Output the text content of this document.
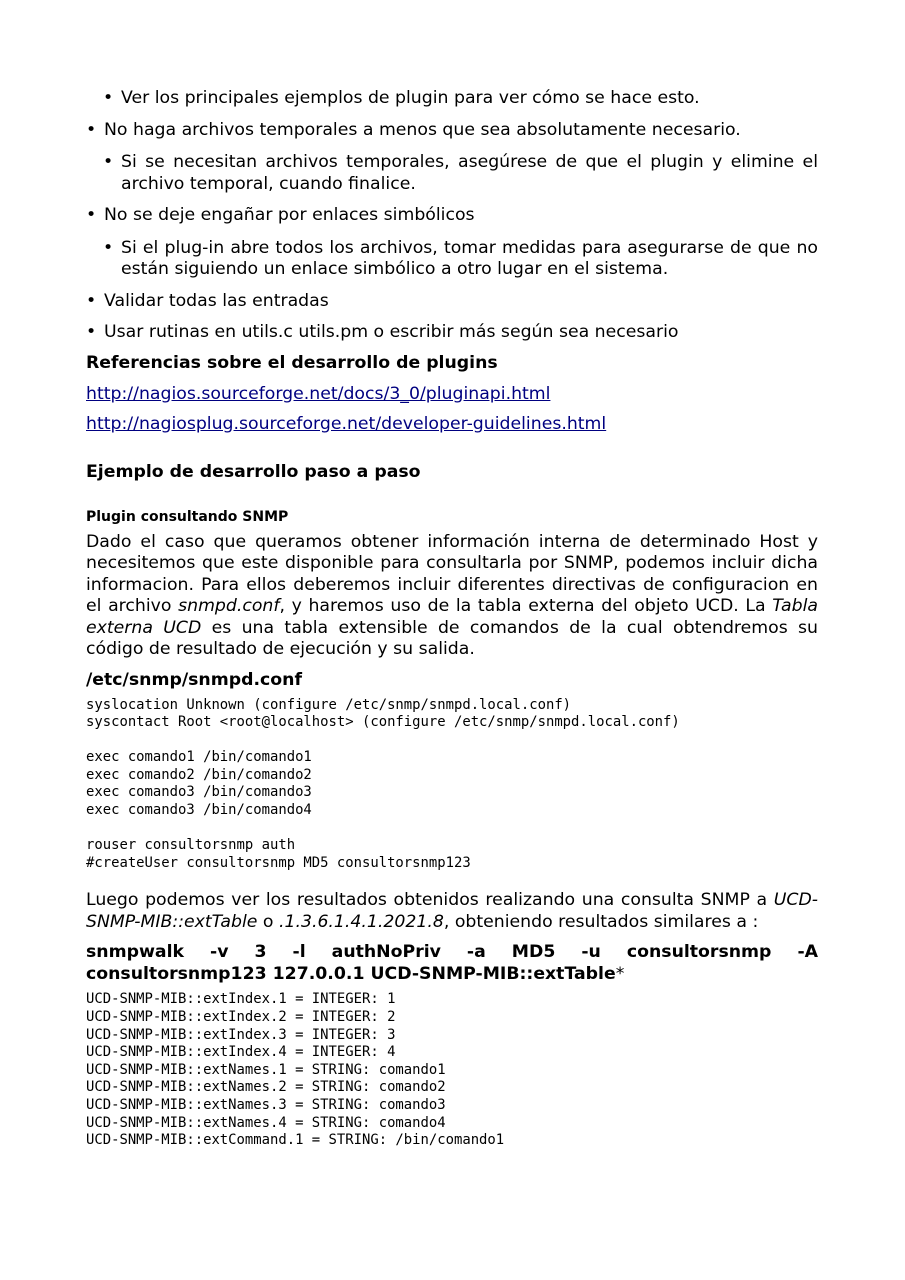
• Ver los principales ejemplos de plugin para ver cómo se hace esto.
• No haga archivos temporales a menos que sea absolutamente necesario.
• Si se necesitan archivos temporales, asegúrese de que el plugin y elimine el archivo temporal, cuando finalice.
• No se deje engañar por enlaces simbólicos
• Si el plug-in abre todos los archivos, tomar medidas para asegurarse de que no están siguiendo un enlace simbólico a otro lugar en el sistema.
• Validar todas las entradas
• Usar rutinas en utils.c utils.pm o escribir más según sea necesario
Referencias sobre el desarrollo de plugins
http://nagios.sourceforge.net/docs/3_0/pluginapi.html
http://nagiosplug.sourceforge.net/developer-guidelines.html
Ejemplo de desarrollo paso a paso
Plugin consultando SNMP

Dado el caso que queramos obtener información interna de determinado Host y necesitemos que este disponible para consultarla por SNMP, podemos incluir dicha informacion. Para ellos deberemos incluir diferentes directivas de configuracion en el archivo snmpd.conf, y haremos uso de la tabla externa del objeto UCD. La Tabla externa UCD es una tabla extensible de comandos de la cual obtendremos su código de resultado de ejecución y su salida.

/etc/snmp/snmpd.conf
syslocation Unknown (configure /etc/snmp/snmpd.local.conf)
syscontact Root <root@localhost> (configure /etc/snmp/snmpd.local.conf)
exec comando1 /bin/comando1
exec comando2 /bin/comando2
exec comando3 /bin/comando3
exec comando3 /bin/comando4
rouser consultorsnmp auth
#createUser consultorsnmp MD5 consultorsnmp123

Luego podemos ver los resultados obtenidos realizando una consulta SNMP a UCD-SNMP-MIB::extTable o .1.3.6.1.4.1.2021.8, obteniendo resultados similares a :

snmpwalk -v 3 -l authNoPriv -a MD5 -u consultorsnmp -A consultorsnmp123 127.0.0.1 UCD-SNMP-MIB::extTable*

UCD-SNMP-MIB::extIndex.1 = INTEGER: 1
UCD-SNMP-MIB::extIndex.2 = INTEGER: 2
UCD-SNMP-MIB::extIndex.3 = INTEGER: 3
UCD-SNMP-MIB::extIndex.4 = INTEGER: 4
UCD-SNMP-MIB::extNames.1 = STRING: comando1
UCD-SNMP-MIB::extNames.2 = STRING: comando2
UCD-SNMP-MIB::extNames.3 = STRING: comando3
UCD-SNMP-MIB::extNames.4 = STRING: comando4
UCD-SNMP-MIB::extCommand.1 = STRING: /bin/comando1
